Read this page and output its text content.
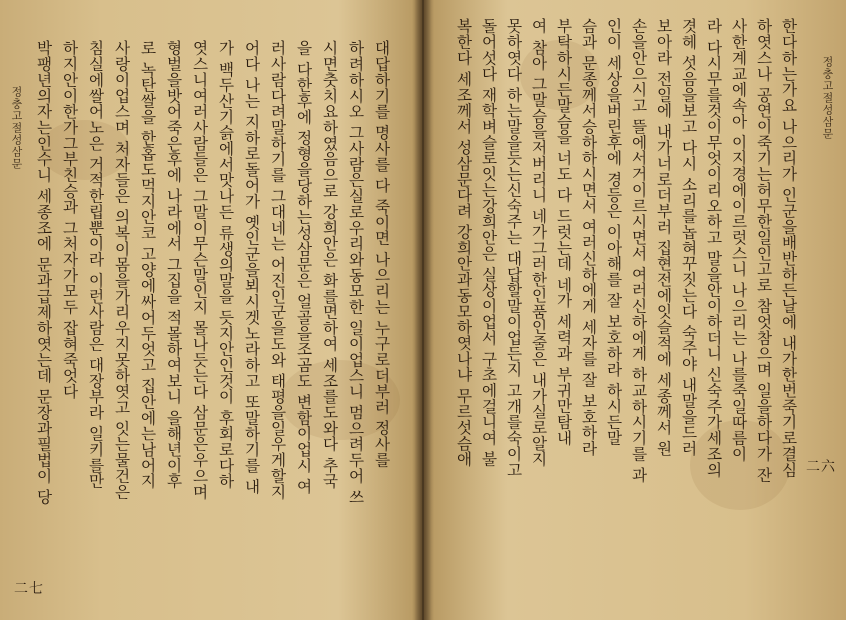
정충고절성삼문	대답하기를 명사를 다 죽이면 나으리는 누구로더부러 정사를
하려하시오 그사람은실로우리와동모한 일이업스니 멈으려두어 쓰
시면춧치요하였음으로 강희안은 화를면하여 세조를도와다 추국
을 다한후에 정형을당하는성삼문은 얼골을조곰도 변함이업시 여
러사람다려말하기를 그대네는 어진인군을도와 태평을일우게할지
어다 나는 지하로돌어가 옛인군을뵈시겟노라하고 또말하기를 내
가 백두산기슭에서맛나든 류생의말을 듯지안인것이 후회로다하
엿스니여러사람들은 그말이무슨말인지 몰나듯는다 삼문은우으며
형벌을밧어죽은후에 나라에서 그집을 적몰하여보니 을해년이후
로 녹탄쌀을 한홉도먹지안코 고양에싸어두엇고 집안에는남어지
사랑이업스며 처자들은 의복이몸을가리우지못하엿고 잇는물건은
침실에쌀어노은 거적한립뿐이라 이런사람은 대장부라 일키를만
하지안이한가그부친승과 그처자가모두 잡혀죽엇다
박팽년의자는인수니 세종조에 문과급제하엿는데 문장과필법이 당
二七
정충고절성삼문
한다하는가요 나으리가 인군을배반하든날에 내가한번죽기로결심
하엿스나 공연이죽기는허무한일인고로 참엇참으며 일을하다가 잔
사한계교에속아 이지경에이르럿스니 나으리는 나를죽일따름이
라 다시무를것이무엇이리오하고 말을안이하더니 신숙주가세조의
겻헤 섯음을보고 다시 소리를놉혀꾸짓는다 숙주야 내말을드러
보아라 전일에 내가너로더부러 집현전에잇슬적에 세종께서 원
손을안으시고 뜰에서거이르시면서 여러신하에게 하교하시기를 과
인이 세상을버린후에 경등은 이아해를 잘 보호하라 하시든말
슴과 문종께서승하하시면서 여러신하에게 세자를 잘 보호하라
부탁하시든말슴을 너도 다 드럿는데 네가 세력과 부귀만탐내
여 참아 그말슴을저버리니 네가그러한인품인줄은 내가실로알지
못하엿다 하는말을듯는신숙주는 대답할말이업든지 고개를숙이고
돌어섯다 재학벼슬로잇는강희안은 실상이업서 구초에걸니여 불
복한다 세조께서 성삼문다려 강희안과동모하엿나냐 무르섯슴애
二六
